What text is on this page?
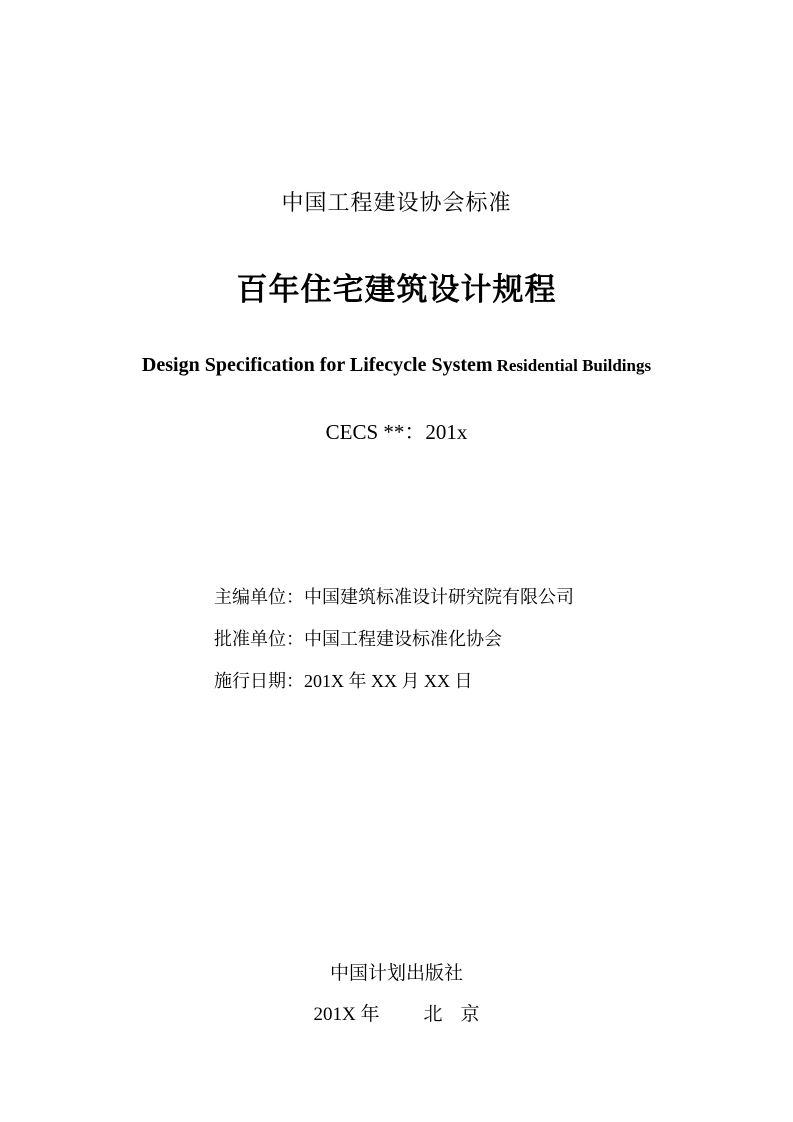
中国工程建设协会标准
百年住宅建筑设计规程
Design Specification for Lifecycle System Residential Buildings
CECS **：201x
主编单位：中国建筑标准设计研究院有限公司
批准单位：中国工程建设标准化协会
施行日期：201X 年 XX 月 XX 日
中国计划出版社
201X 年 北京
